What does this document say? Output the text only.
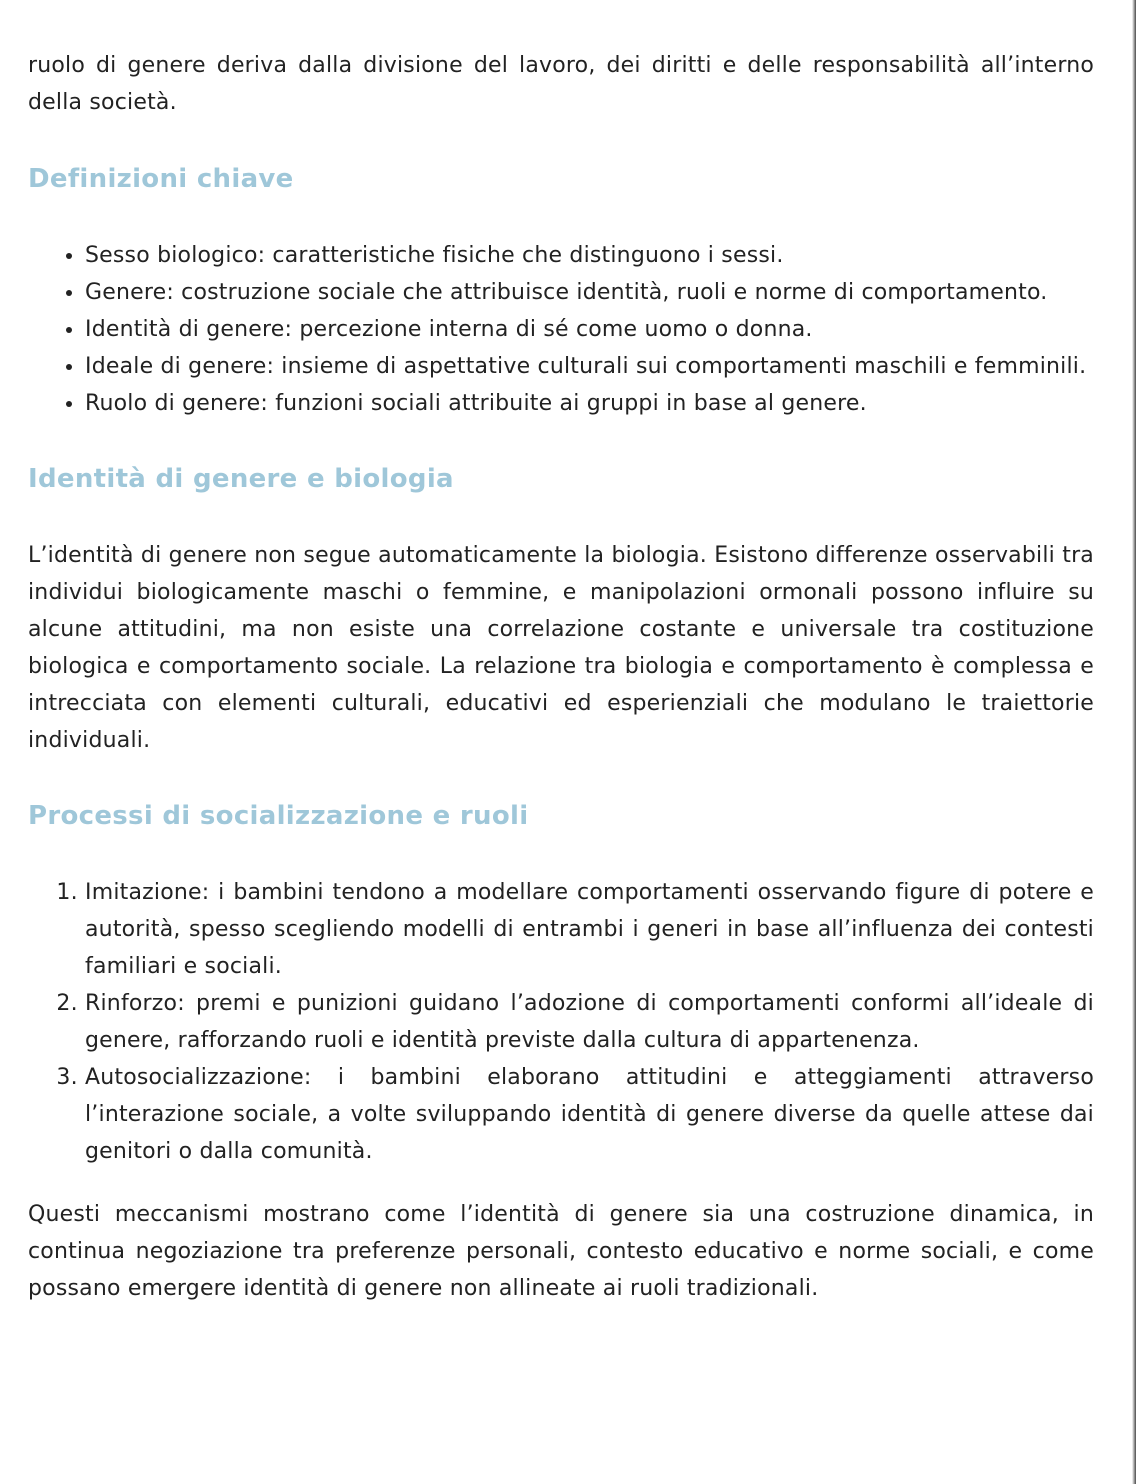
ruolo di genere deriva dalla divisione del lavoro, dei diritti e delle responsabilità all’interno della società.

Definizioni chiave
• Sesso biologico: caratteristiche fisiche che distinguono i sessi.
• Genere: costruzione sociale che attribuisce identità, ruoli e norme di comportamento.
• Identità di genere: percezione interna di sé come uomo o donna.
• Ideale di genere: insieme di aspettative culturali sui comportamenti maschili e femminili.
• Ruolo di genere: funzioni sociali attribuite ai gruppi in base al genere.
Identità di genere e biologia

L’identità di genere non segue automaticamente la biologia. Esistono differenze osservabili tra individui biologicamente maschi o femmine, e manipolazioni ormonali possono influire su alcune attitudini, ma non esiste una correlazione costante e universale tra costituzione biologica e comportamento sociale. La relazione tra biologia e comportamento è complessa e intrecciata con elementi culturali, educativi ed esperienziali che modulano le traiettorie individuali.

Processi di socializzazione e ruoli
1. Imitazione: i bambini tendono a modellare comportamenti osservando figure di potere e autorità, spesso scegliendo modelli di entrambi i generi in base all’influenza dei contesti familiari e sociali.
2. Rinforzo: premi e punizioni guidano l’adozione di comportamenti conformi all’ideale di genere, rafforzando ruoli e identità previste dalla cultura di appartenenza.
3. Autosocializzazione: i bambini elaborano attitudini e atteggiamenti attraverso l’interazione sociale, a volte sviluppando identità di genere diverse da quelle attese dai genitori o dalla comunità.

Questi meccanismi mostrano come l’identità di genere sia una costruzione dinamica, in continua negoziazione tra preferenze personali, contesto educativo e norme sociali, e come possano emergere identità di genere non allineate ai ruoli tradizionali.
